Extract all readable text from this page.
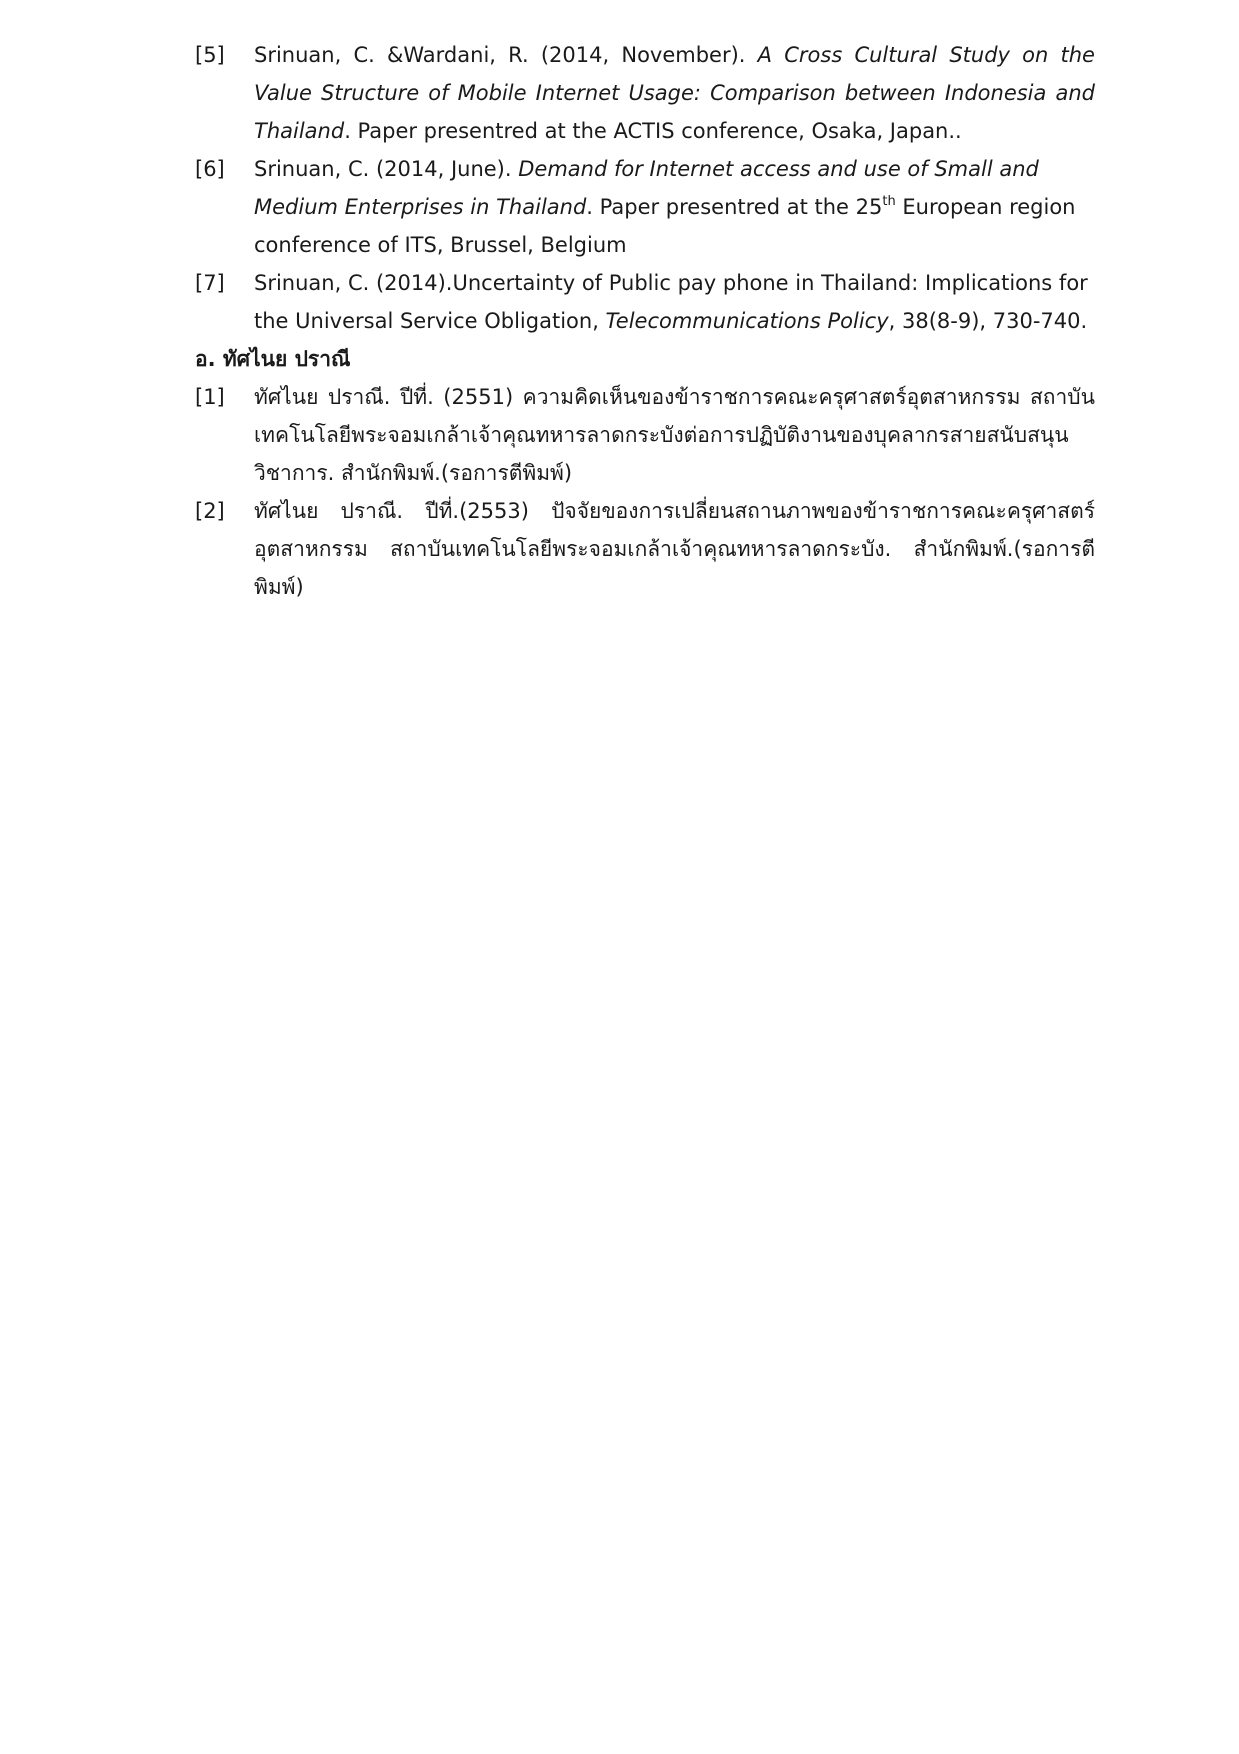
[5]	Srinuan, C. &Wardani, R. (2014, November). A Cross Cultural Study on the Value Structure of Mobile Internet Usage: Comparison between Indonesia and Thailand. Paper presentred at the ACTIS conference, Osaka, Japan..
[6]	Srinuan, C. (2014, June). Demand for Internet access and use of Small and Medium Enterprises in Thailand. Paper presentred at the 25th European region conference of ITS, Brussel, Belgium
[7]	Srinuan, C. (2014).Uncertainty of Public pay phone in Thailand: Implications for the Universal Service Obligation, Telecommunications Policy, 38(8-9), 730-740.
อ. ทัศไนย ปราณี
[1]	ทัศไนย ปราณี. ปีที่. (2551) ความคิดเห็นของข้าราชการคณะครุศาสตร์อุตสาหกรรม สถาบันเทคโนโลยีพระจอมเกล้าเจ้าคุณทหารลาดกระบังต่อการปฏิบัติงานของบุคลากรสายสนับสนุนวิชาการ. สำนักพิมพ์.(รอการตีพิมพ์)
[2]	ทัศไนย ปราณี. ปีที่.(2553) ปัจจัยของการเปลี่ยนสถานภาพของข้าราชการคณะครุศาสตร์อุตสาหกรรม สถาบันเทคโนโลยีพระจอมเกล้าเจ้าคุณทหารลาดกระบัง. สำนักพิมพ์.(รอการตีพิมพ์)
